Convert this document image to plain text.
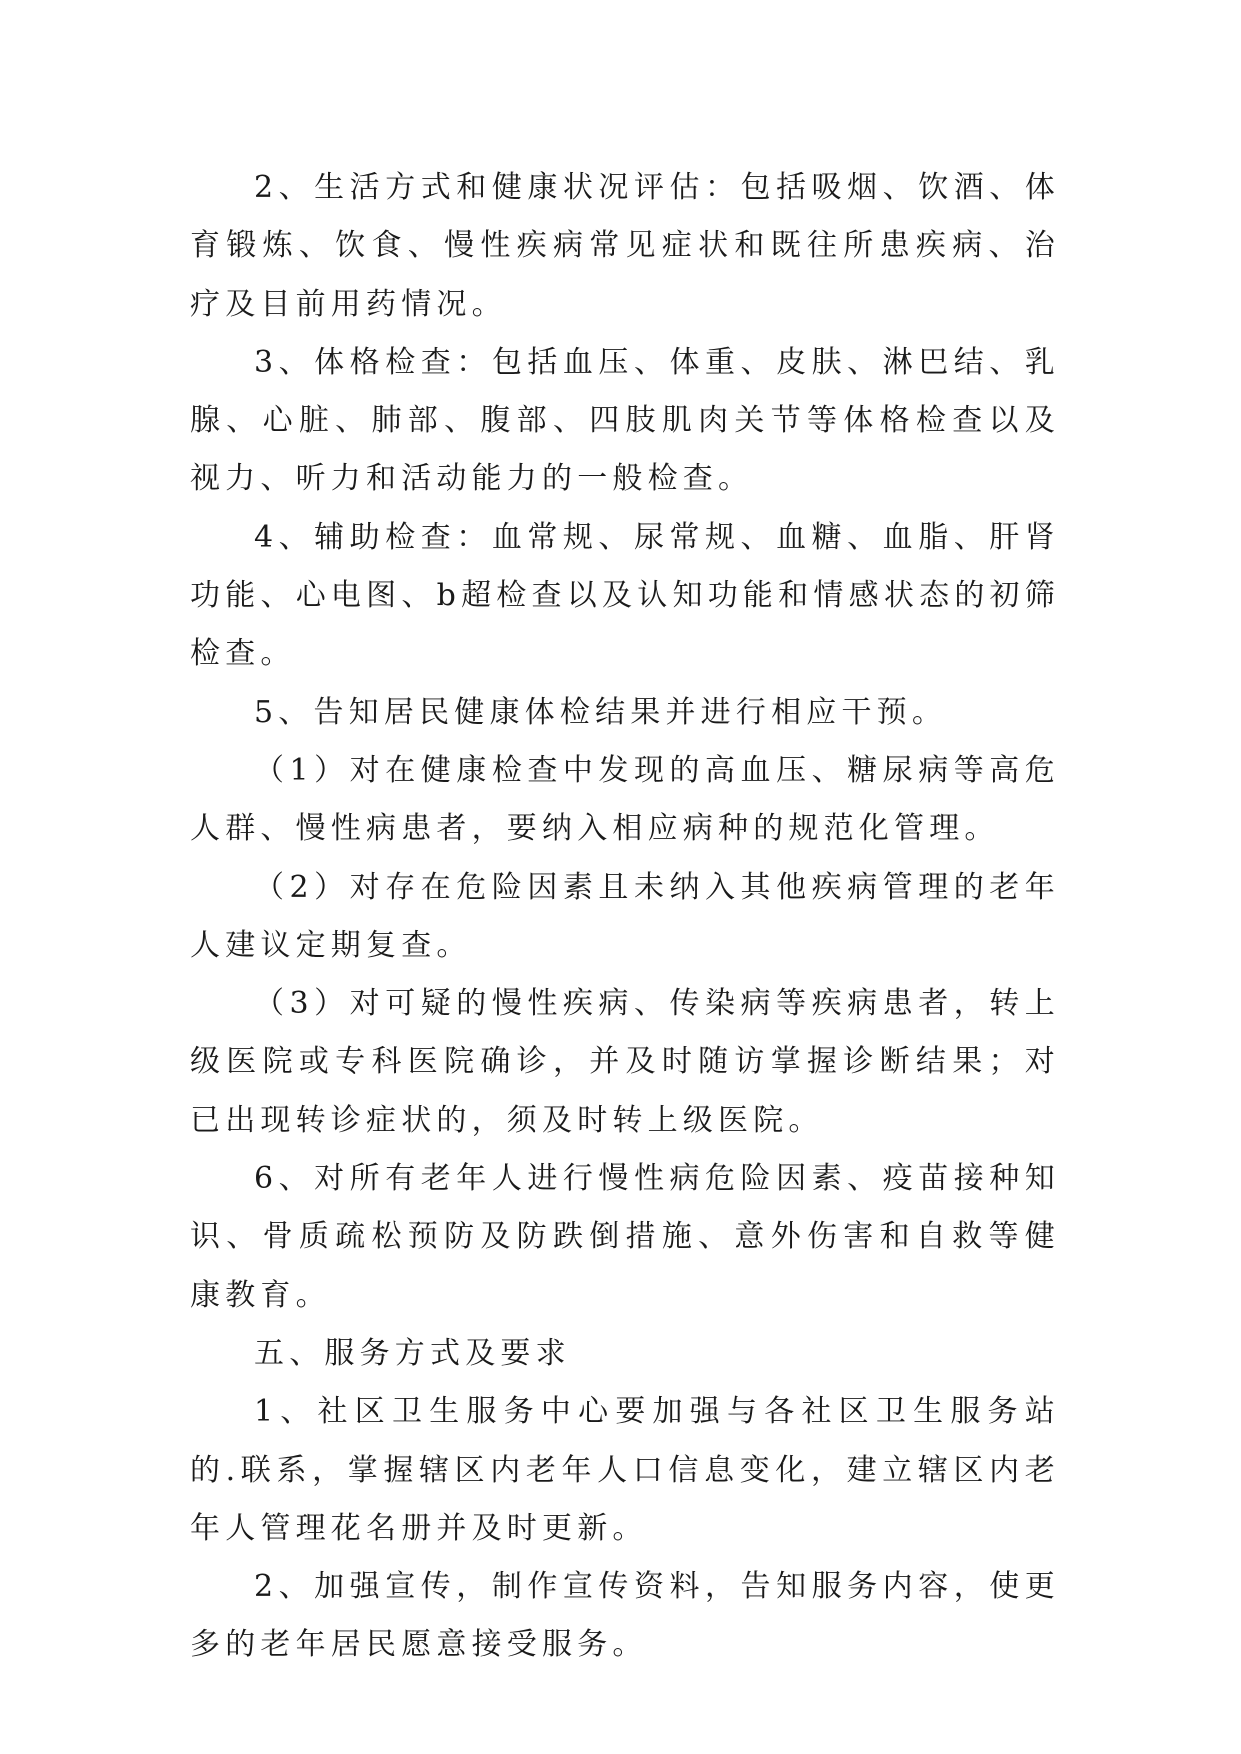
2、生活方式和健康状况评估：包括吸烟、饮酒、体育锻炼、饮食、慢性疾病常见症状和既往所患疾病、治疗及目前用药情况。

3、体格检查：包括血压、体重、皮肤、淋巴结、乳腺、心脏、肺部、腹部、四肢肌肉关节等体格检查以及视力、听力和活动能力的一般检查。

4、辅助检查：血常规、尿常规、血糖、血脂、肝肾功能、心电图、b超检查以及认知功能和情感状态的初筛检查。

5、告知居民健康体检结果并进行相应干预。

（1）对在健康检查中发现的高血压、糖尿病等高危人群、慢性病患者，要纳入相应病种的规范化管理。

（2）对存在危险因素且未纳入其他疾病管理的老年人建议定期复查。

（3）对可疑的慢性疾病、传染病等疾病患者，转上级医院或专科医院确诊，并及时随访掌握诊断结果；对已出现转诊症状的，须及时转上级医院。

6、对所有老年人进行慢性病危险因素、疫苗接种知识、骨质疏松预防及防跌倒措施、意外伤害和自救等健康教育。

五、服务方式及要求

1、社区卫生服务中心要加强与各社区卫生服务站的.联系，掌握辖区内老年人口信息变化，建立辖区内老年人管理花名册并及时更新。

2、加强宣传，制作宣传资料，告知服务内容，使更多的老年居民愿意接受服务。
